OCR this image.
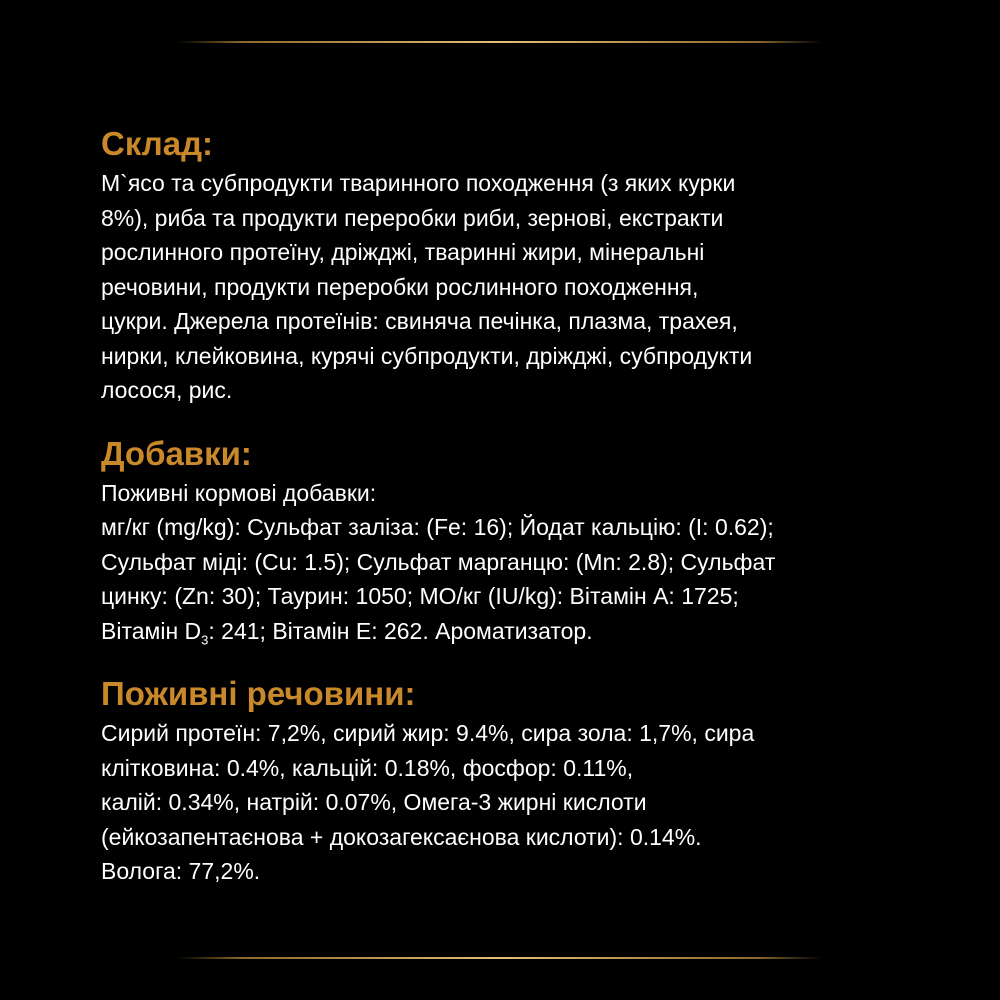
Склад:

М`ясо та субпродукти тваринного походження (з яких курки
8%), риба та продукти переробки риби, зернові, екстракти
рослинного протеїну, дріжджі, тваринні жири, мінеральні
речовини, продукти переробки рослинного походження,
цукри. Джерела протеїнів: свиняча печінка, плазма, трахея,
нирки, клейковина, курячі субпродукти, дріжджі, субпродукти
лосося, рис.

Добавки:

Поживні кормові добавки:
мг/кг (mg/kg): Сульфат заліза: (Fe: 16); Йодат кальцію: (I: 0.62);
Сульфат міді: (Cu: 1.5); Сульфат марганцю: (Mn: 2.8); Сульфат
цинку: (Zn: 30); Таурин: 1050; МО/кг (IU/kg): Вітамін А: 1725;
Вітамін $D_3$: 241; Вітамін Е: 262. Ароматизатор.

Поживні речовини:

Сирий протеїн: 7,2%, сирий жир: 9.4%, сира зола: 1,7%, сира
клітковина: 0.4%, кальцій: 0.18%, фосфор: 0.11%,
калій: 0.34%, натрій: 0.07%, Омега-3 жирні кислоти
(ейкозапентаєнова + докозагексаєнова кислоти): 0.14%.
Волога: 77,2%.
